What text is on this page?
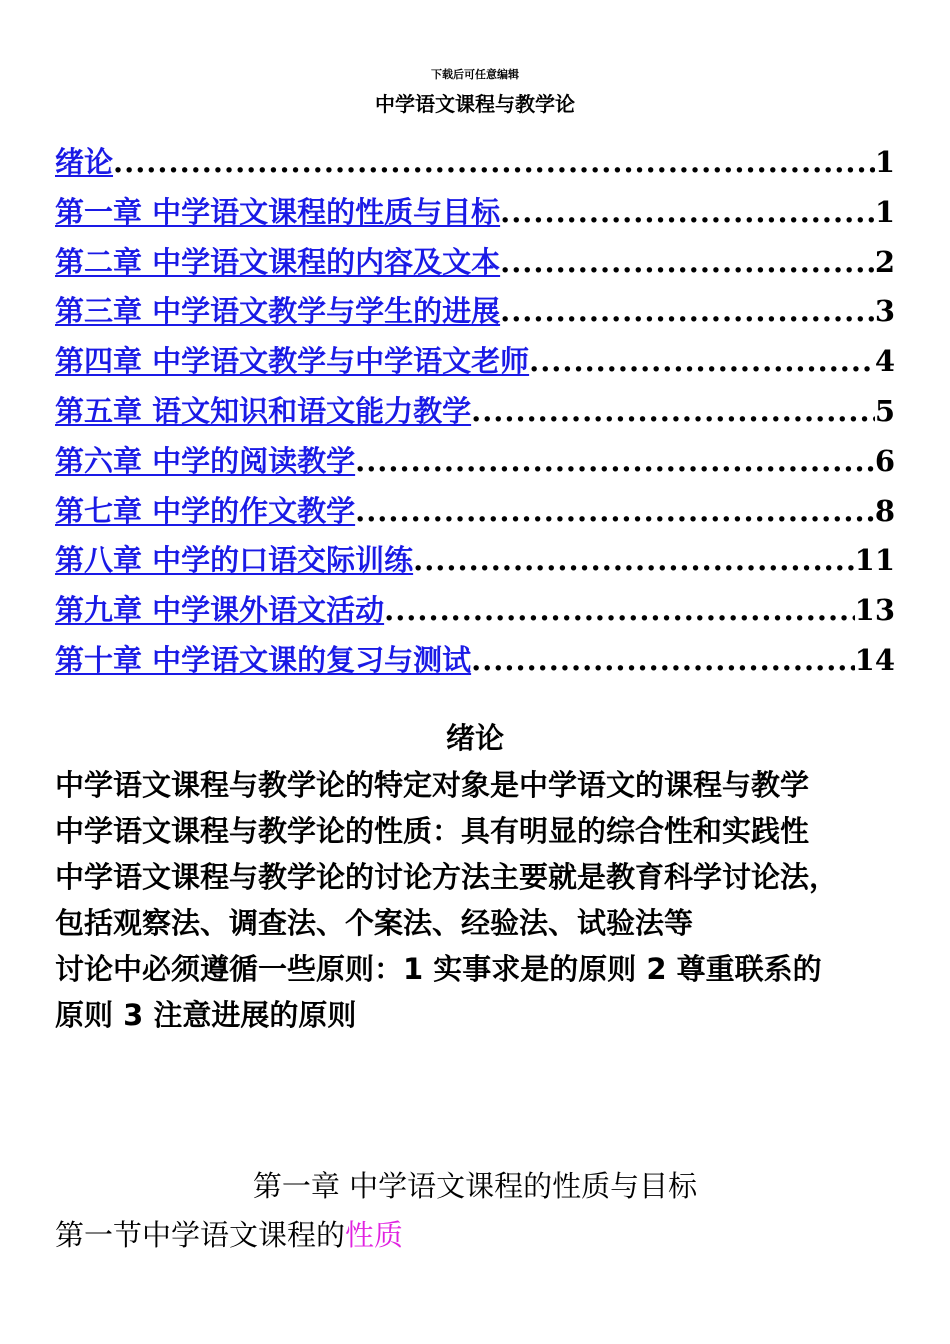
下载后可任意编辑
中学语文课程与教学论
绪论 .....	1
第一章 中学语文课程的性质与目标 .....	1
第二章 中学语文课程的内容及文本 .....	2
第三章 中学语文教学与学生的进展 .....	3
第四章 中学语文教学与中学语文老师 .....	4
第五章 语文知识和语文能力教学 .....	5
第六章 中学的阅读教学 .....	6
第七章 中学的作文教学 .....	8
第八章 中学的口语交际训练 .....	11
第九章 中学课外语文活动 .....	13
第十章 中学语文课的复习与测试 .....	14
绪论
中学语文课程与教学论的特定对象是中学语文的课程与教学
中学语文课程与教学论的性质：具有明显的综合性和实践性
中学语文课程与教学论的讨论方法主要就是教育科学讨论法，
包括观察法、调查法、个案法、经验法、试验法等
讨论中必须遵循一些原则：1 实事求是的原则 2 尊重联系的
原则 3 注意进展的原则
第一章 中学语文课程的性质与目标
第一节中学语文课程的性质
